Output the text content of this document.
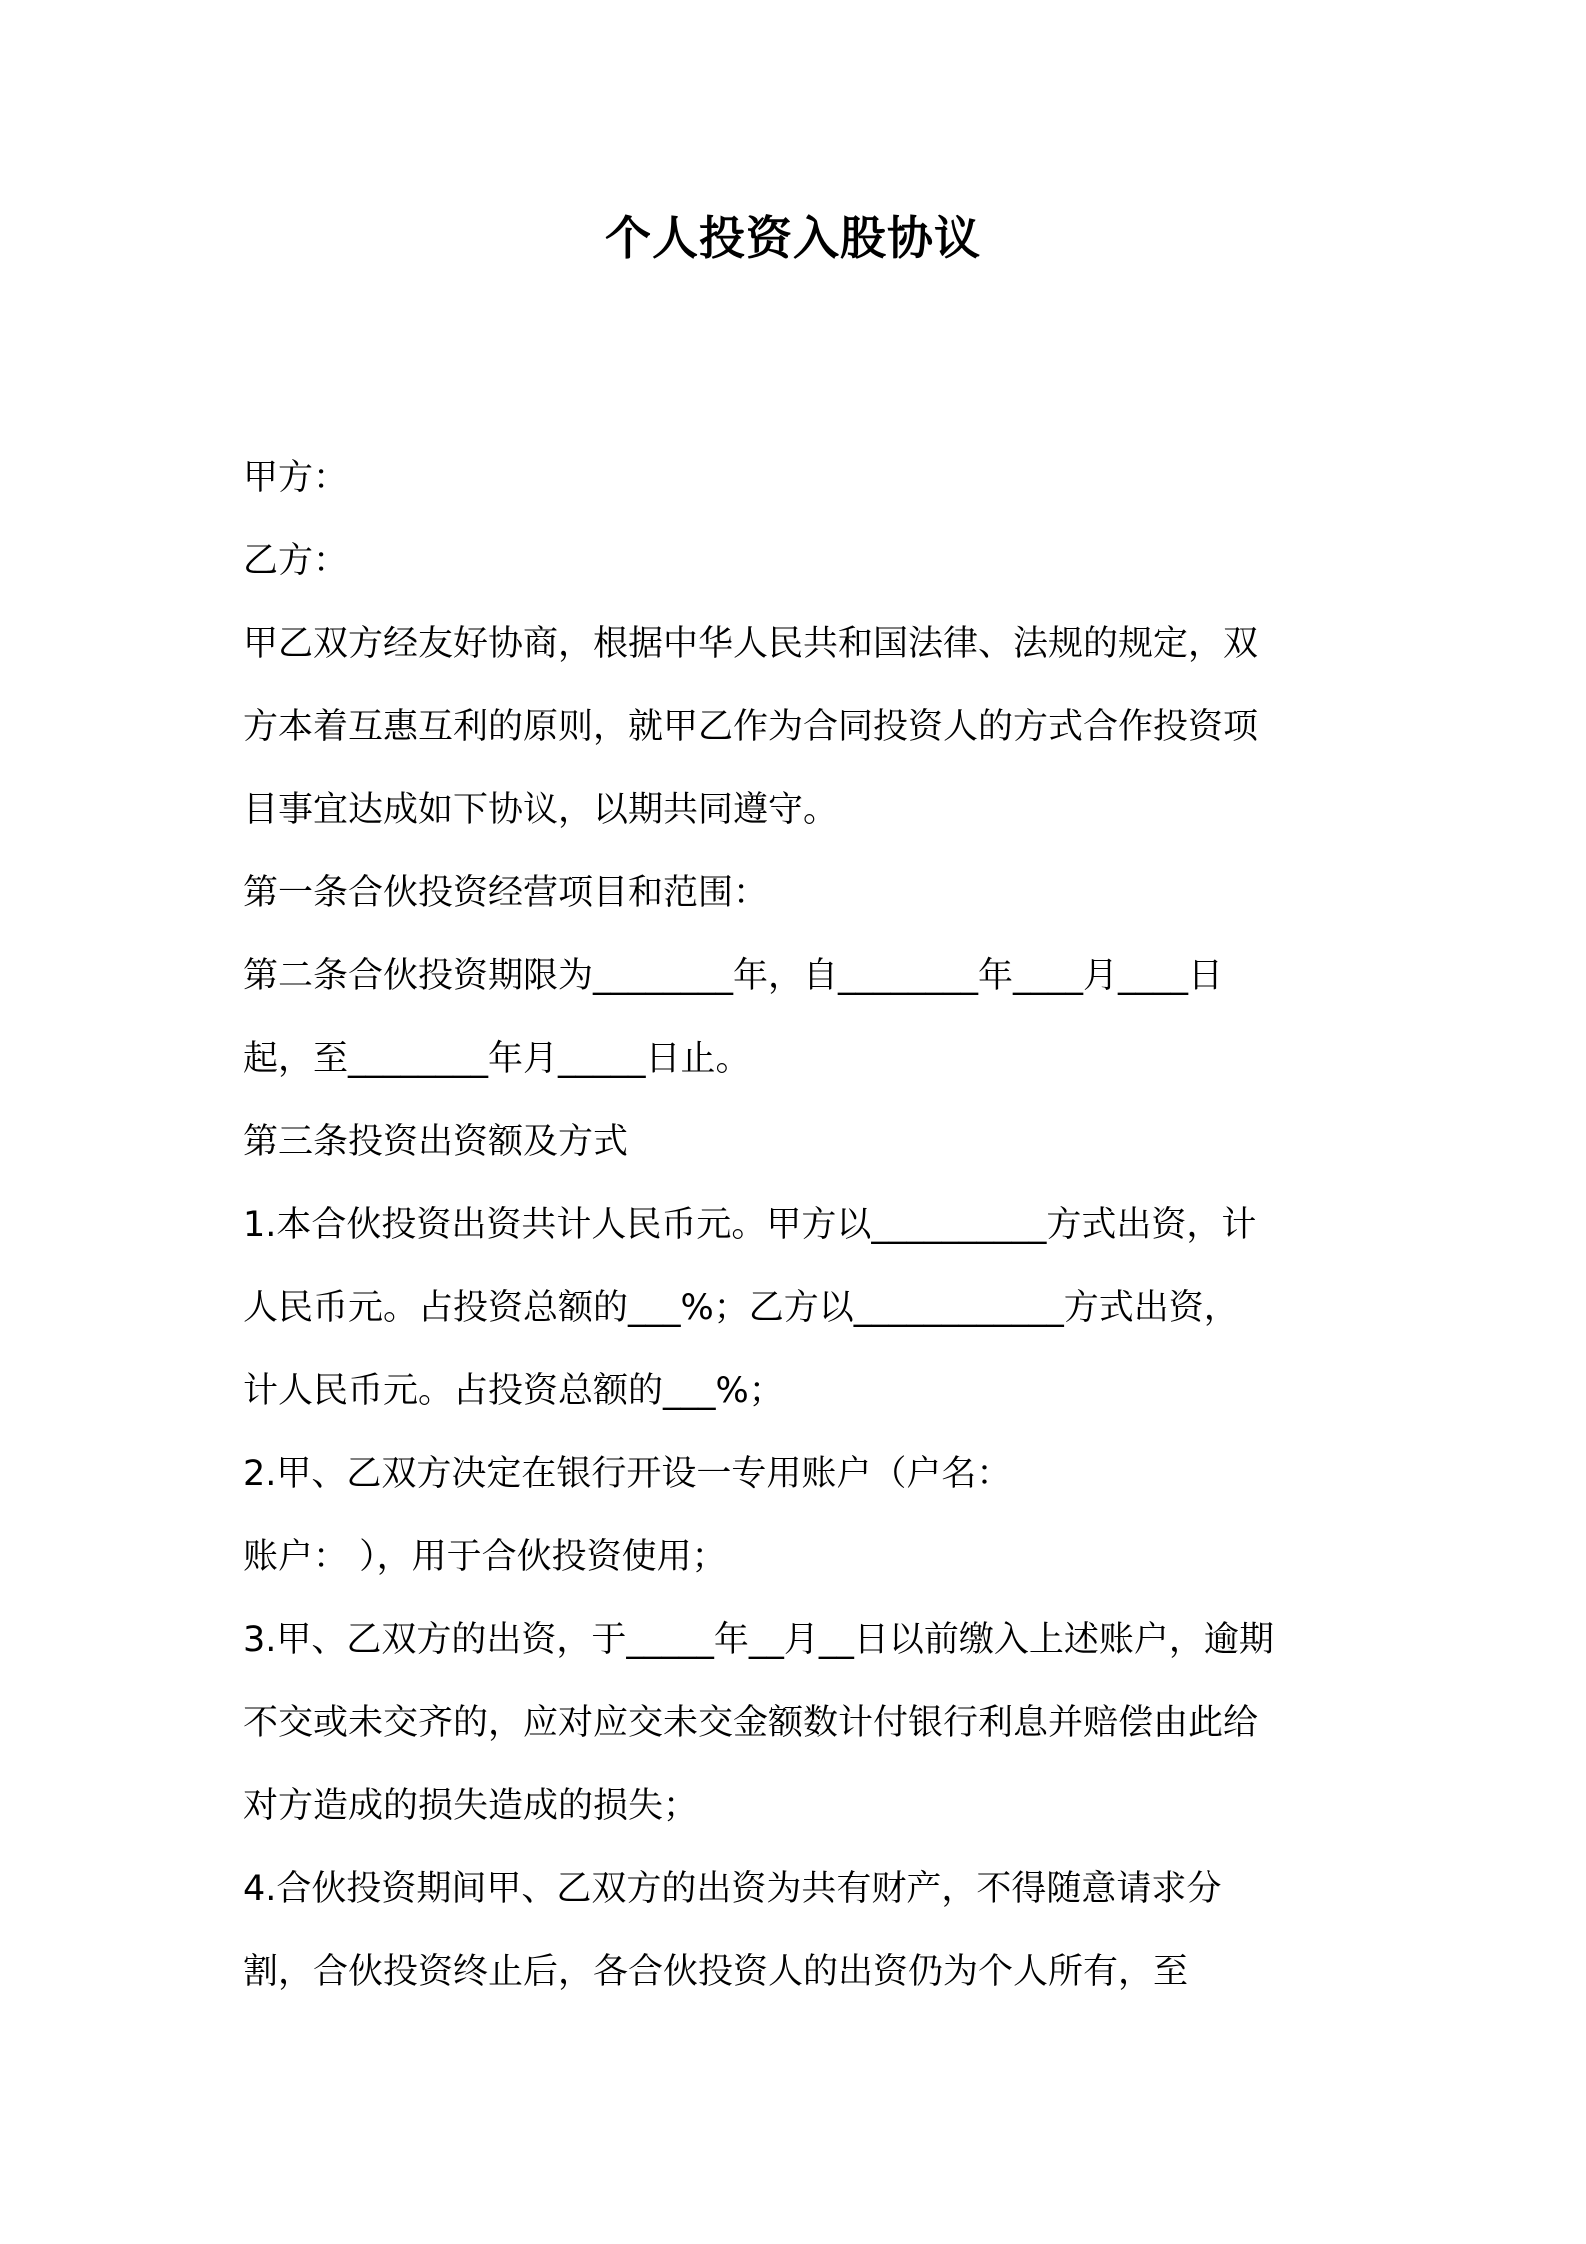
个人投资入股协议
甲方：
乙方：
甲乙双方经友好协商，根据中华人民共和国法律、法规的规定，双
方本着互惠互利的原则，就甲乙作为合同投资人的方式合作投资项
目事宜达成如下协议，以期共同遵守。
第一条合伙投资经营项目和范围：
第二条合伙投资期限为________年，自________年____月____日
起，至________年月_____日止。
第三条投资出资额及方式
1.本合伙投资出资共计人民币元。甲方以__________方式出资，计
人民币元。占投资总额的___%；乙方以____________方式出资，
计人民币元。占投资总额的___%；
2.甲、乙双方决定在银行开设一专用账户（户名：
账户： ），用于合伙投资使用；
3.甲、乙双方的出资，于_____年__月__日以前缴入上述账户，逾期
不交或未交齐的，应对应交未交金额数计付银行利息并赔偿由此给
对方造成的损失造成的损失；
4.合伙投资期间甲、乙双方的出资为共有财产，不得随意请求分
割，合伙投资终止后，各合伙投资人的出资仍为个人所有，至
